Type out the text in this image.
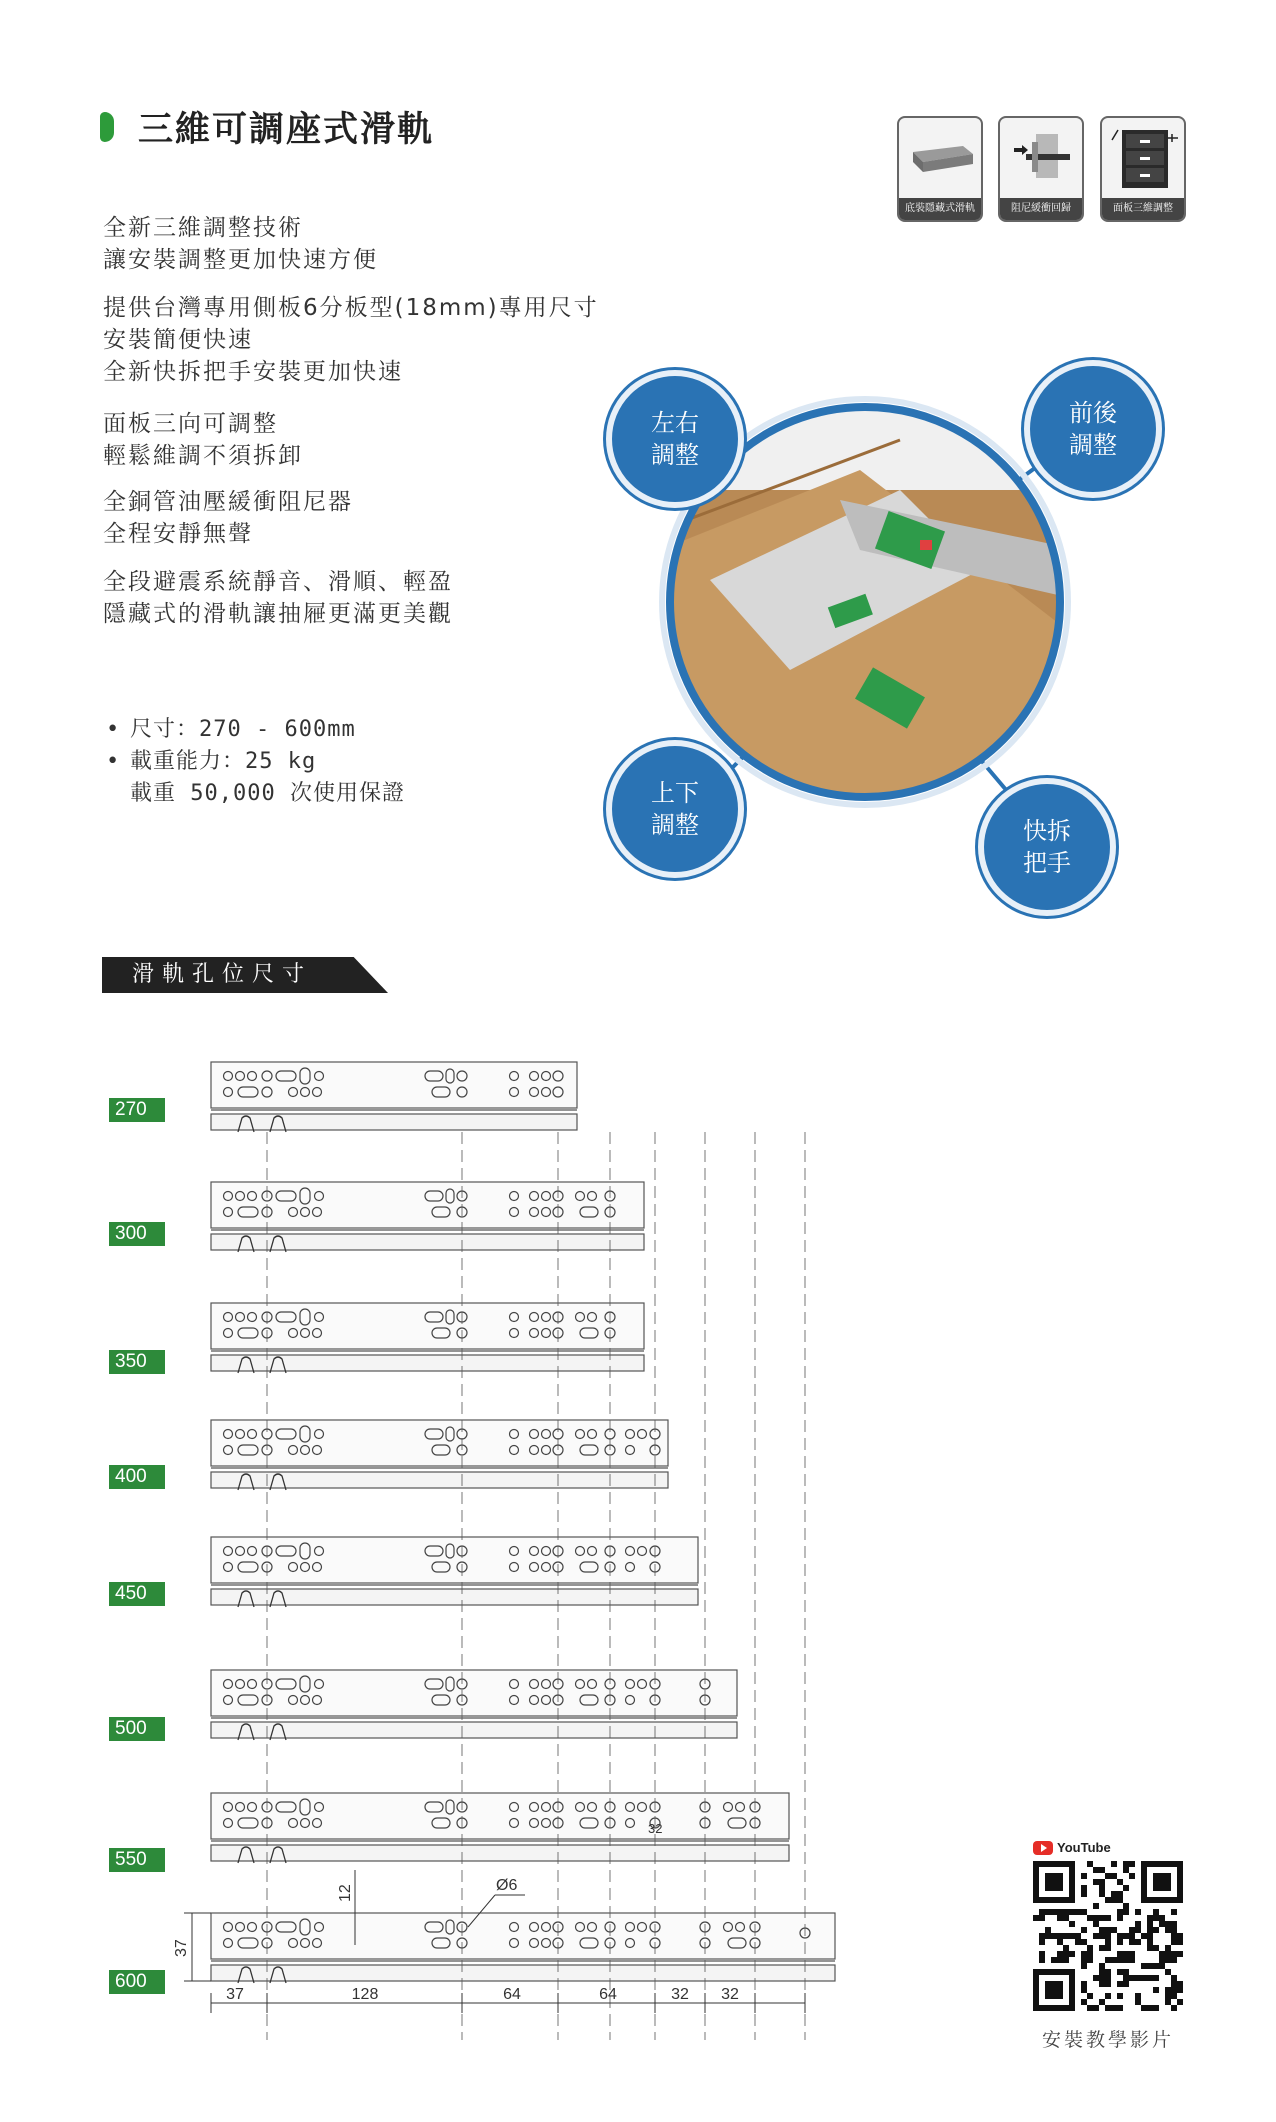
三維可調座式滑軌
全新三維調整技術
讓安裝調整更加快速方便
提供台灣專用側板6分板型(18mm)專用尺寸
安裝簡便快速
全新快拆把手安裝更加快速
面板三向可調整
輕鬆維調不須拆卸
全銅管油壓緩衝阻尼器
全程安靜無聲
全段避震系統靜音、滑順、輕盈
隱藏式的滑軌讓抽屜更滿更美觀
• 尺寸：270 - 600mm
• 載重能力：25 kg
載重 50,000 次使用保證
底裝隱藏式滑軌	阻尼緩衝回歸	面板三維調整
左右
調整
前後
調整
上下
調整	快拆
把手
滑軌孔位尺寸
270
300
350
400
450
500
550
600
37
12	Ø6
32
37	128	64	64	32 32
YouTube
安裝教學影片
